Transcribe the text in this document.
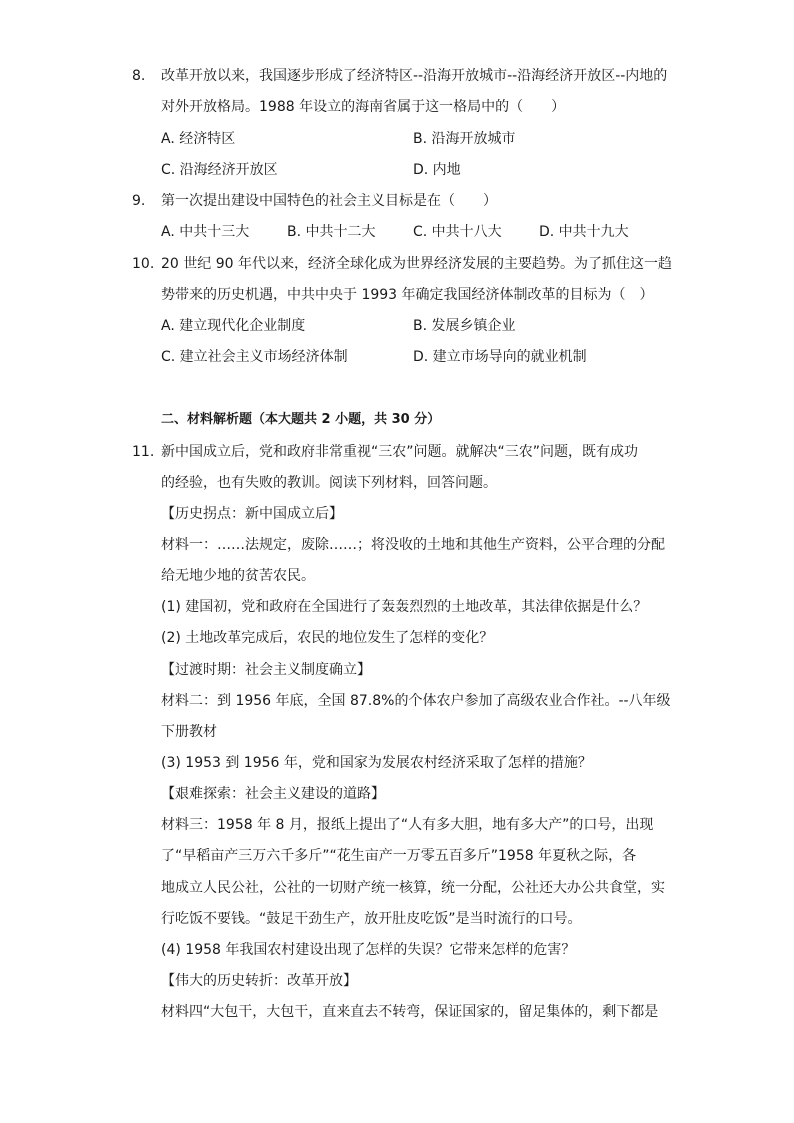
8. 改革开放以来，我国逐步形成了经济特区--沿海开放城市--沿海经济开放区--内地的
对外开放格局。1988 年设立的海南省属于这一格局中的（　　）
A. 经济特区	B. 沿海开放城市
C. 沿海经济开放区	D. 内地
9. 第一次提出建设中国特色的社会主义目标是在（　　）
A. 中共十三大	B. 中共十二大	C. 中共十八大	D. 中共十九大
10. 20 世纪 90 年代以来，经济全球化成为世界经济发展的主要趋势。为了抓住这一趋
势带来的历史机遇，中共中央于 1993 年确定我国经济体制改革的目标为（　）
A. 建立现代化企业制度	B. 发展乡镇企业
C. 建立社会主义市场经济体制	D. 建立市场导向的就业机制
二、材料解析题（本大题共 2 小题，共 30 分）
11. 新中国成立后，党和政府非常重视“三农”问题。就解决“三农”问题，既有成功
的经验，也有失败的教训。阅读下列材料，回答问题。
【历史拐点：新中国成立后】
材料一：……法规定，废除……；将没收的土地和其他生产资料，公平合理的分配
给无地少地的贫苦农民。
(1) 建国初，党和政府在全国进行了轰轰烈烈的土地改革，其法律依据是什么？
(2) 土地改革完成后，农民的地位发生了怎样的变化？
【过渡时期：社会主义制度确立】
材料二：到 1956 年底，全国 87.8%的个体农户参加了高级农业合作社。--八年级
下册教材
(3) 1953 到 1956 年，党和国家为发展农村经济采取了怎样的措施？
【艰难探索：社会主义建设的道路】
材料三：1958 年 8 月，报纸上提出了“人有多大胆，地有多大产”的口号，出现
了“早稻亩产三万六千多斤”“花生亩产一万零五百多斤”1958 年夏秋之际，各
地成立人民公社，公社的一切财产统一核算，统一分配，公社还大办公共食堂，实
行吃饭不要钱。“鼓足干劲生产，放开肚皮吃饭”是当时流行的口号。
(4) 1958 年我国农村建设出现了怎样的失误？它带来怎样的危害？
【伟大的历史转折：改革开放】
材料四“大包干，大包干，直来直去不转弯，保证国家的，留足集体的，剩下都是
